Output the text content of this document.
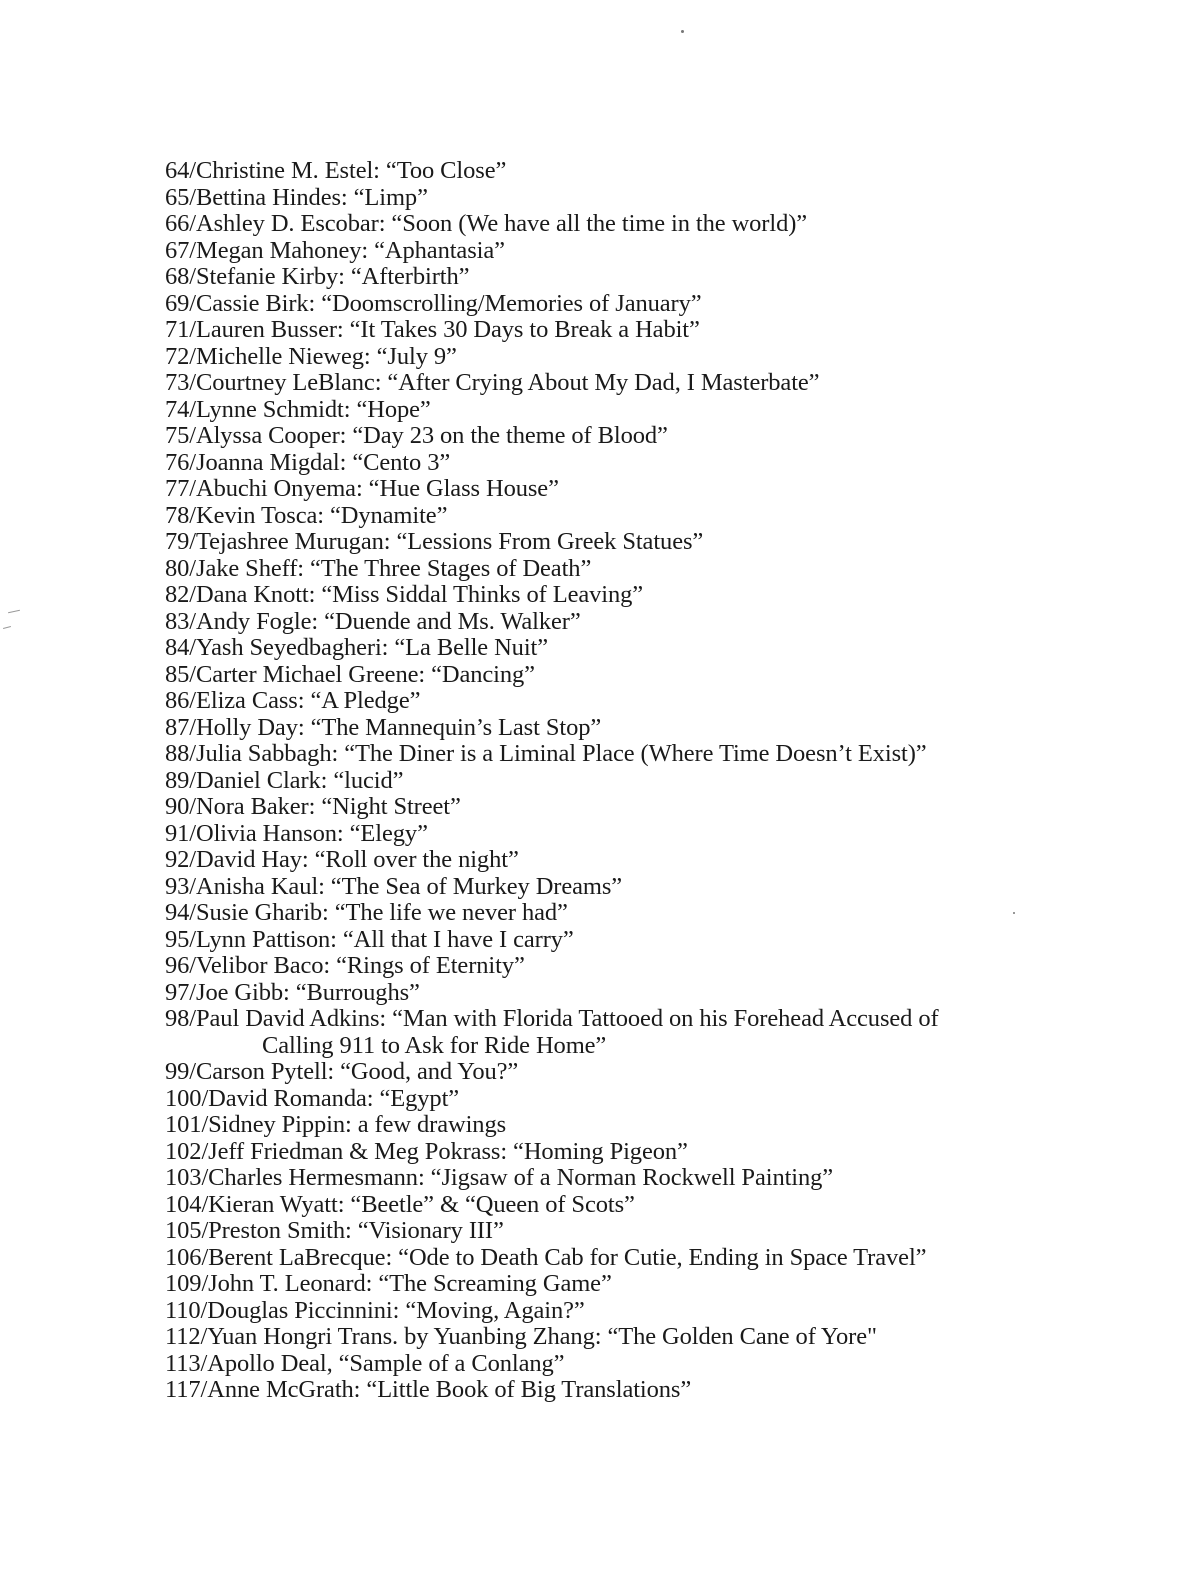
64/Christine M. Estel: “Too Close”
65/Bettina Hindes: “Limp”
66/Ashley D. Escobar: “Soon (We have all the time in the world)”
67/Megan Mahoney: “Aphantasia”
68/Stefanie Kirby: “Afterbirth”
69/Cassie Birk: “Doomscrolling/Memories of January”
71/Lauren Busser: “It Takes 30 Days to Break a Habit”
72/Michelle Nieweg: “July 9”
73/Courtney LeBlanc: “After Crying About My Dad, I Masterbate”
74/Lynne Schmidt: “Hope”
75/Alyssa Cooper: “Day 23 on the theme of Blood”
76/Joanna Migdal: “Cento 3”
77/Abuchi Onyema: “Hue Glass House”
78/Kevin Tosca: “Dynamite”
79/Tejashree Murugan: “Lessions From Greek Statues”
80/Jake Sheff: “The Three Stages of Death”
82/Dana Knott: “Miss Siddal Thinks of Leaving”
83/Andy Fogle: “Duende and Ms. Walker”
84/Yash Seyedbagheri: “La Belle Nuit”
85/Carter Michael Greene: “Dancing”
86/Eliza Cass: “A Pledge”
87/Holly Day: “The Mannequin’s Last Stop”
88/Julia Sabbagh: “The Diner is a Liminal Place (Where Time Doesn’t Exist)”
89/Daniel Clark: “lucid”
90/Nora Baker: “Night Street”
91/Olivia Hanson: “Elegy”
92/David Hay: “Roll over the night”
93/Anisha Kaul: “The Sea of Murkey Dreams”
94/Susie Gharib: “The life we never had”
95/Lynn Pattison: “All that I have I carry”
96/Velibor Baco: “Rings of Eternity”
97/Joe Gibb: “Burroughs”
98/Paul David Adkins: “Man with Florida Tattooed on his Forehead Accused of
Calling 911 to Ask for Ride Home”
99/Carson Pytell: “Good, and You?”
100/David Romanda: “Egypt”
101/Sidney Pippin: a few drawings
102/Jeff Friedman & Meg Pokrass: “Homing Pigeon”
103/Charles Hermesmann: “Jigsaw of a Norman Rockwell Painting”
104/Kieran Wyatt: “Beetle” & “Queen of Scots”
105/Preston Smith: “Visionary III”
106/Berent LaBrecque: “Ode to Death Cab for Cutie, Ending in Space Travel”
109/John T. Leonard: “The Screaming Game”
110/Douglas Piccinnini: “Moving, Again?”
112/Yuan Hongri Trans. by Yuanbing Zhang: “The Golden Cane of Yore"
113/Apollo Deal, “Sample of a Conlang”
117/Anne McGrath: “Little Book of Big Translations”
